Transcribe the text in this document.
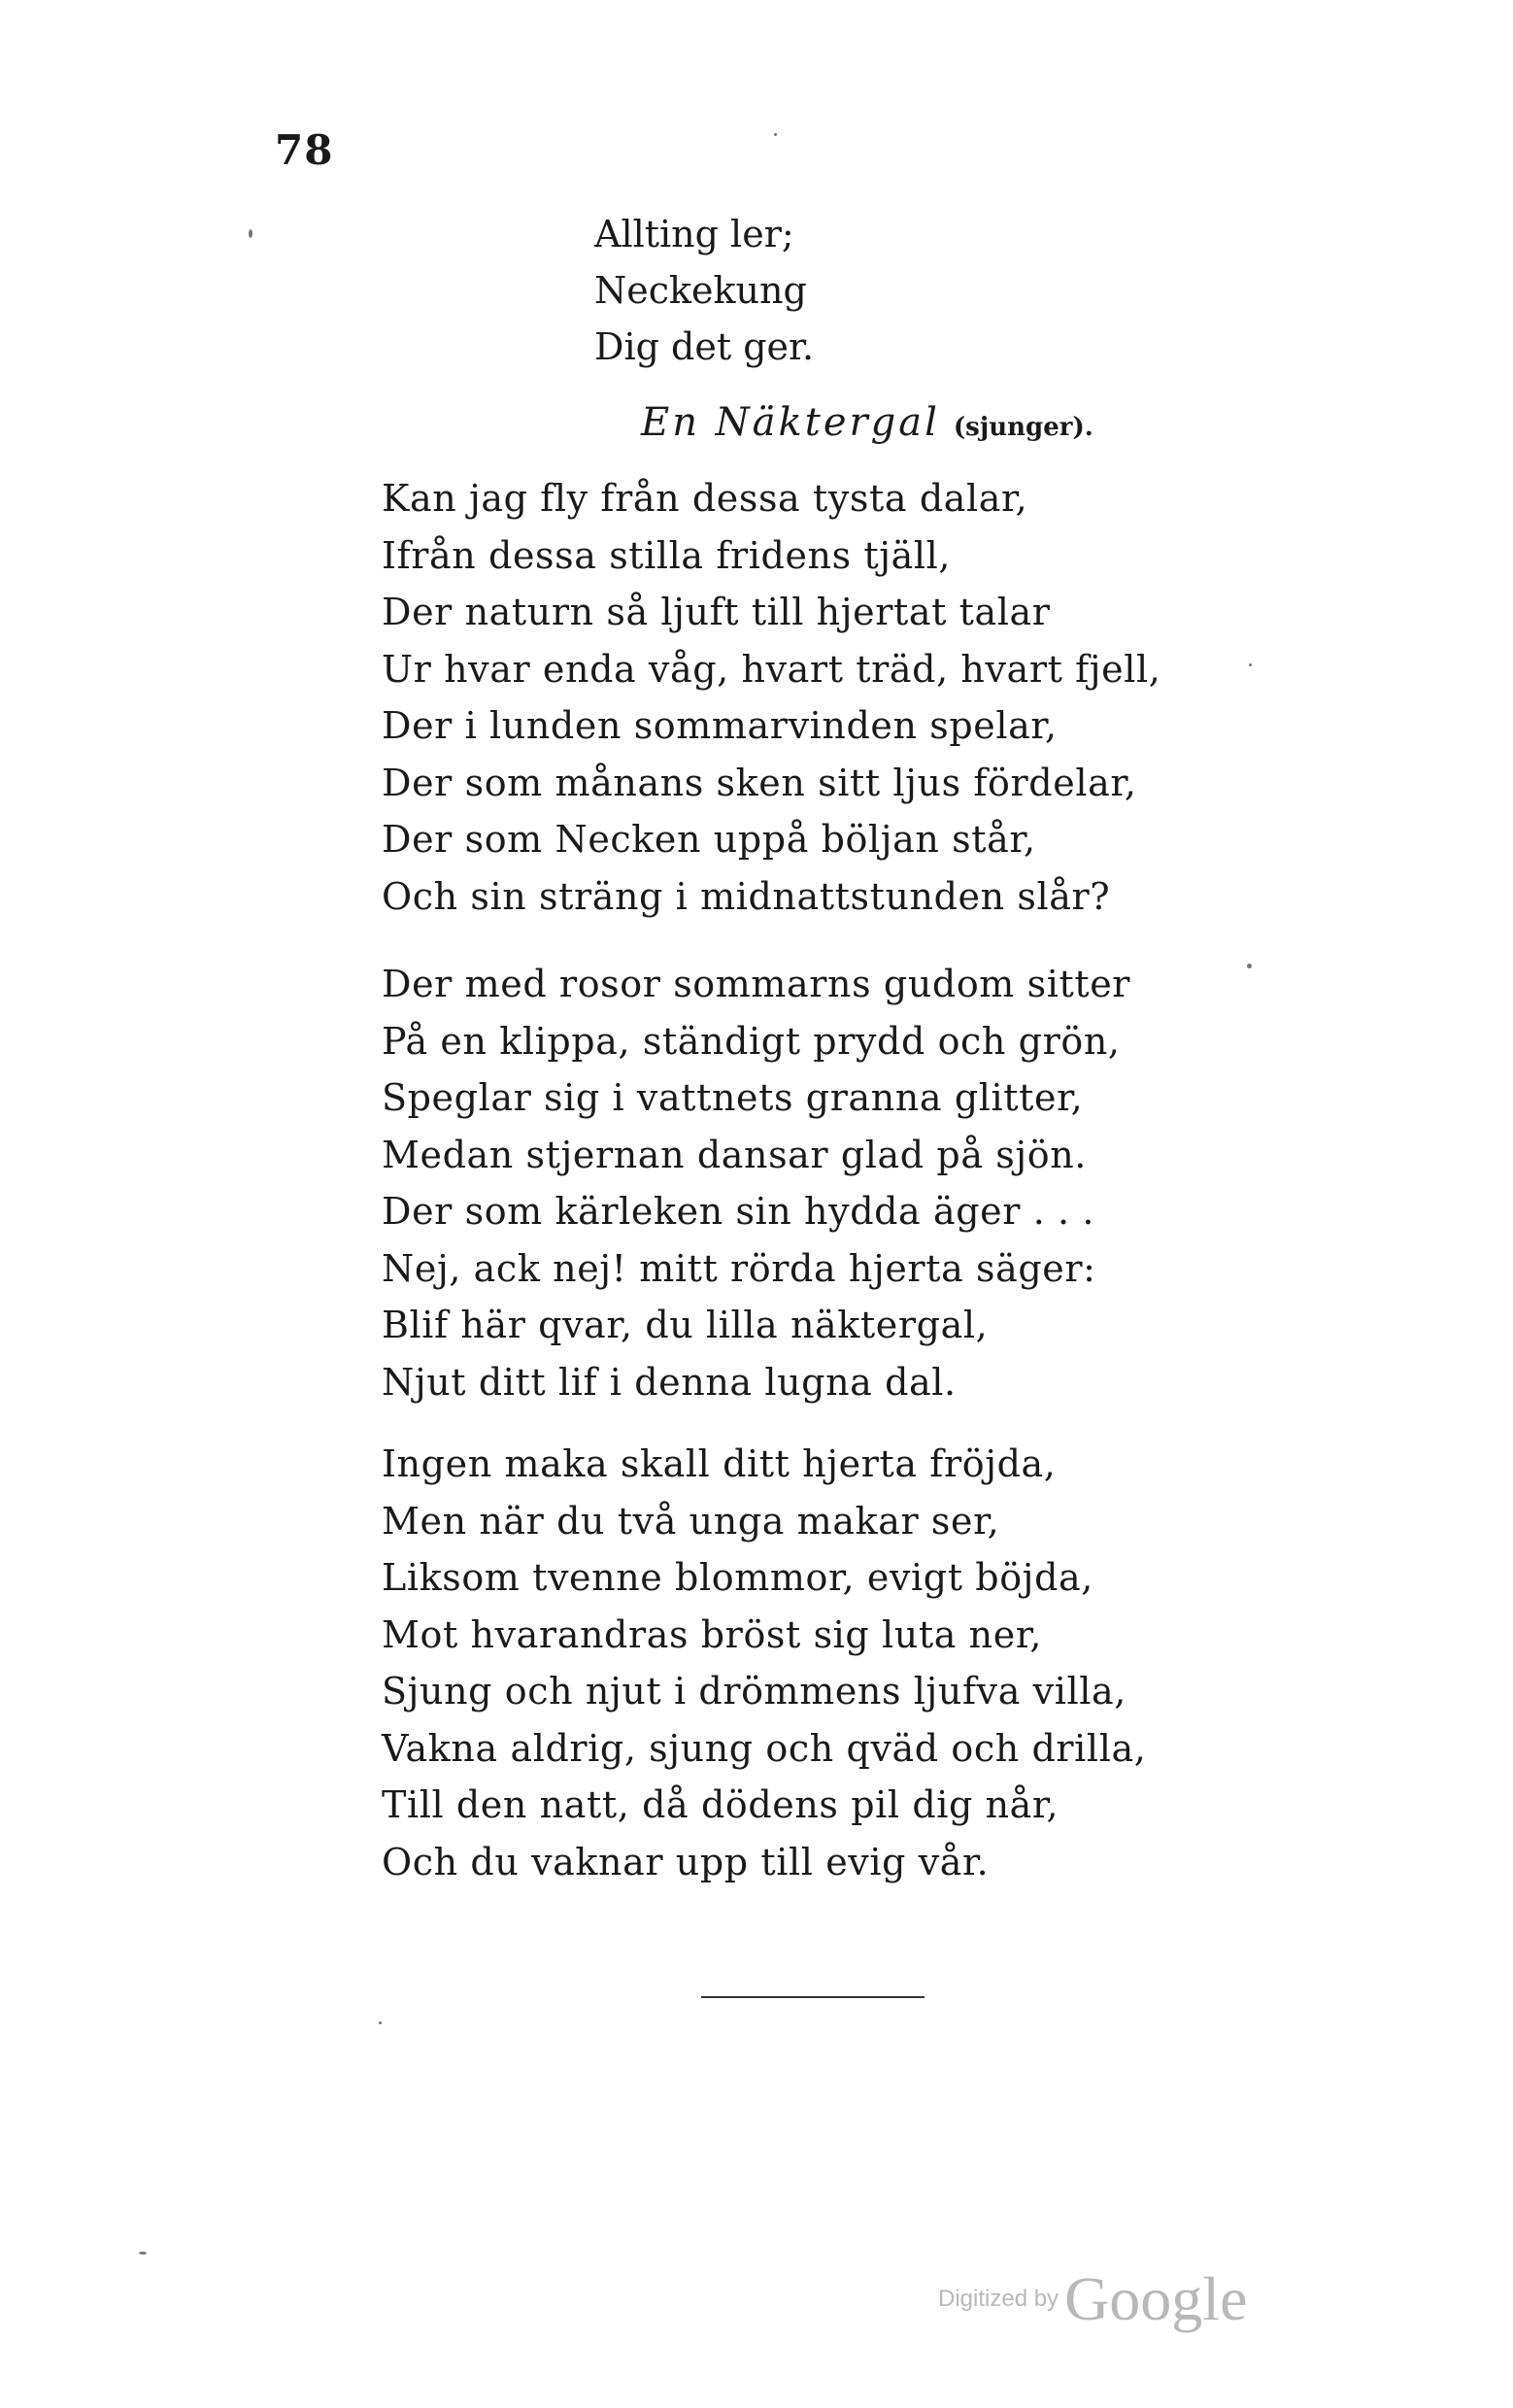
78
Allting ler;
Neckekung
Dig det ger.
En Näktergal (sjunger).
Kan jag fly från dessa tysta dalar,
Ifrån dessa stilla fridens tjäll,
Der naturn så ljuft till hjertat talar
Ur hvar enda våg, hvart träd, hvart fjell,
Der i lunden sommarvinden spelar,
Der som månans sken sitt ljus fördelar,
Der som Necken uppå böljan står,
Och sin sträng i midnattstunden slår?
Der med rosor sommarns gudom sitter
På en klippa, ständigt prydd och grön,
Speglar sig i vattnets granna glitter,
Medan stjernan dansar glad på sjön.
Der som kärleken sin hydda äger . . .
Nej, ack nej! mitt rörda hjerta säger:
Blif här qvar, du lilla näktergal,
Njut ditt lif i denna lugna dal.
Ingen maka skall ditt hjerta fröjda,
Men när du två unga makar ser,
Liksom tvenne blommor, evigt böjda,
Mot hvarandras bröst sig luta ner,
Sjung och njut i drömmens ljufva villa,
Vakna aldrig, sjung och qväd och drilla,
Till den natt, då dödens pil dig når,
Och du vaknar upp till evig vår.
Digitized byGoogle
